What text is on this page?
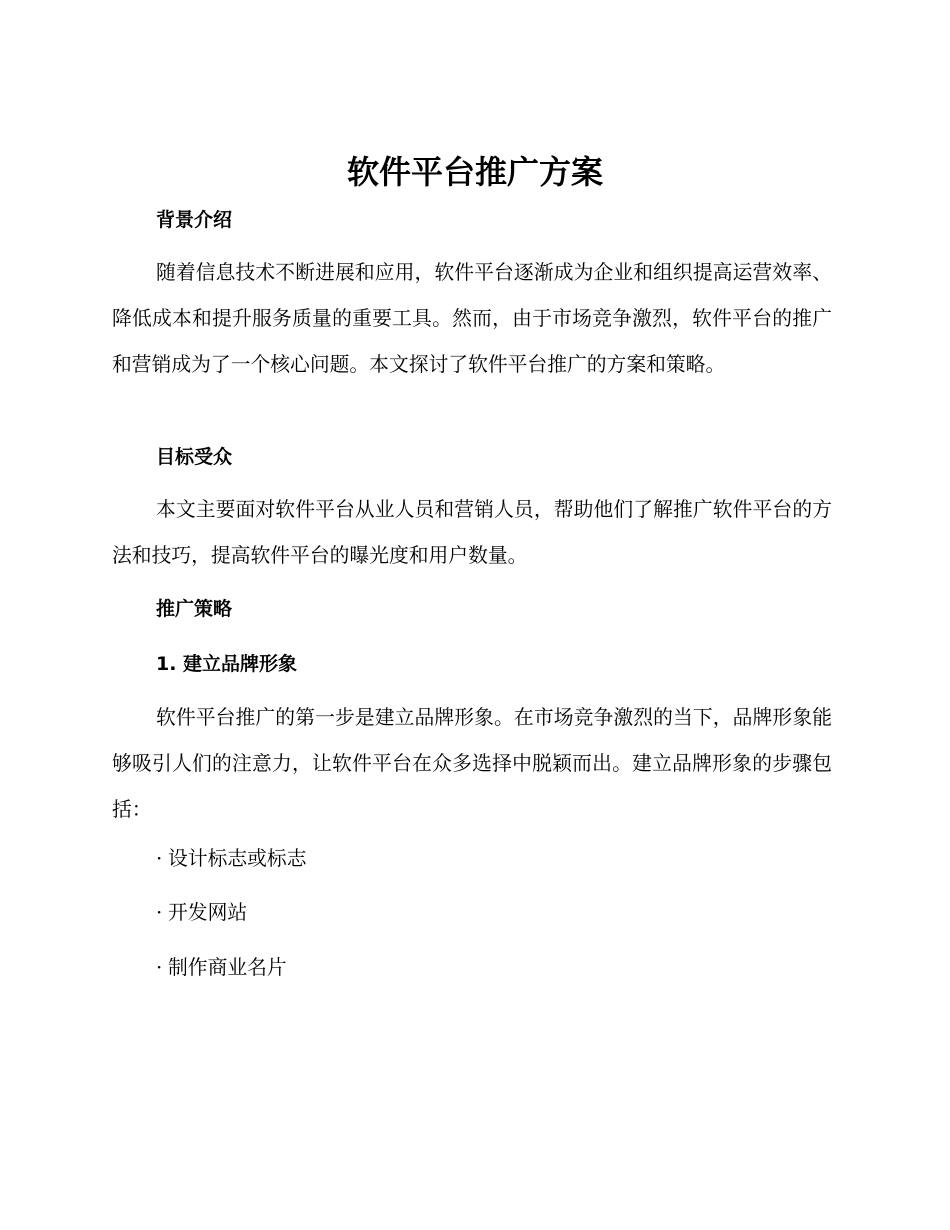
软件平台推广方案
背景介绍

随着信息技术不断进展和应用，软件平台逐渐成为企业和组织提高运营效率、降低成本和提升服务质量的重要工具。然而，由于市场竞争激烈，软件平台的推广和营销成为了一个核心问题。本文探讨了软件平台推广的方案和策略。

目标受众

本文主要面对软件平台从业人员和营销人员，帮助他们了解推广软件平台的方法和技巧，提高软件平台的曝光度和用户数量。

推广策略
1. 建立品牌形象

软件平台推广的第一步是建立品牌形象。在市场竞争激烈的当下，品牌形象能够吸引人们的注意力，让软件平台在众多选择中脱颖而出。建立品牌形象的步骤包括：

· 设计标志或标志
· 开发网站
· 制作商业名片
